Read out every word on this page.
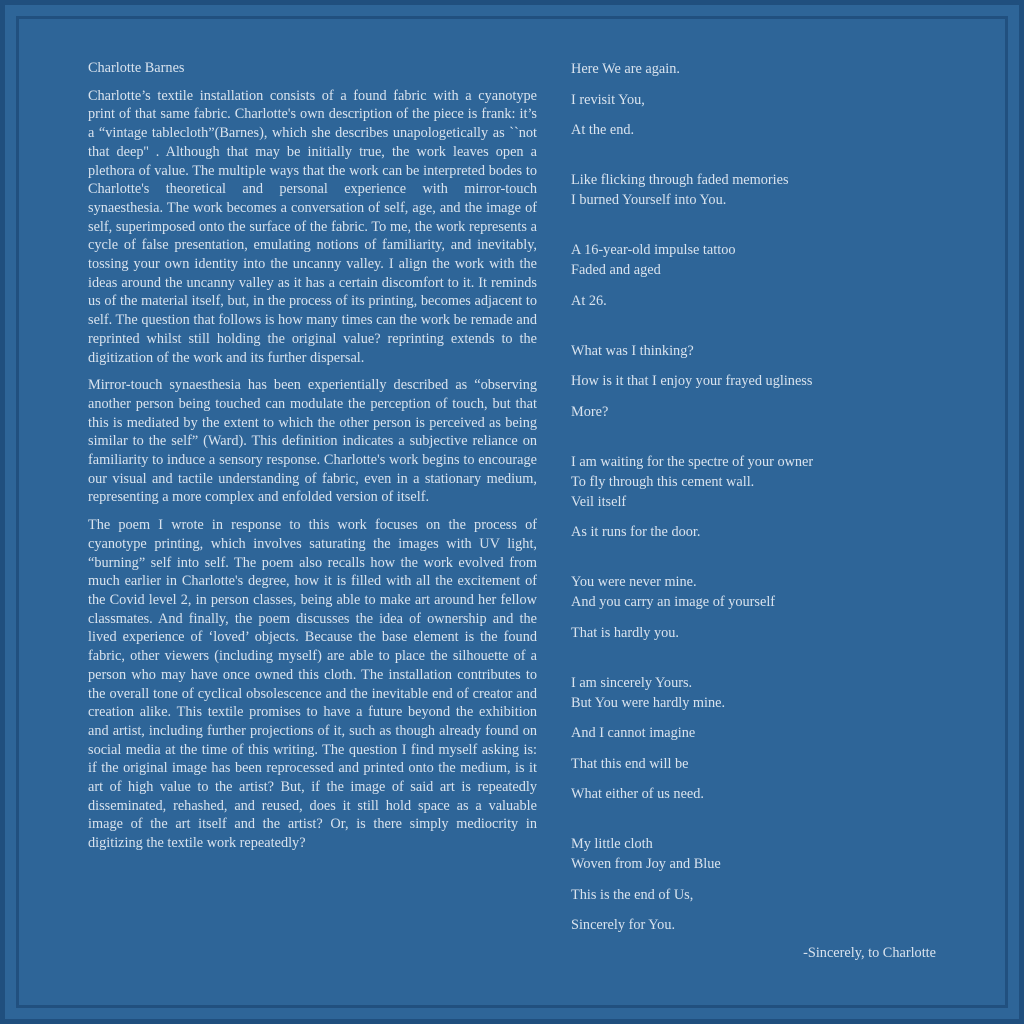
Charlotte Barnes
Charlotte’s textile installation consists of a found fabric with a cyanotype print of that same fabric. Charlotte's own description of the piece is frank: it’s a “vintage tablecloth”(Barnes), which she describes unapologetically as ``not that deep'' . Although that may be initially true, the work leaves open a plethora of value. The multiple ways that the work can be interpreted bodes to Charlotte's theoretical and personal experience with mirror-touch synaesthesia. The work becomes a conversation of self, age, and the image of self, superimposed onto the surface of the fabric. To me, the work represents a cycle of false presentation, emulating notions of familiarity, and inevitably, tossing your own identity into the uncanny valley. I align the work with the ideas around the uncanny valley as it has a certain discomfort to it. It reminds us of the material itself, but, in the process of its printing, becomes adjacent to self. The question that follows is how many times can the work be remade and reprinted whilst still holding the original value? reprinting extends to the digitization of the work and its further dispersal.
Mirror-touch synaesthesia has been experientially described as “observing another person being touched can modulate the perception of touch, but that this is mediated by the extent to which the other person is perceived as being similar to the self” (Ward). This definition indicates a subjective reliance on familiarity to induce a sensory response. Charlotte's work begins to encourage our visual and tactile understanding of fabric, even in a stationary medium, representing a more complex and enfolded version of itself.
The poem I wrote in response to this work focuses on the process of cyanotype printing, which involves saturating the images with UV light, “burning” self into self. The poem also recalls how the work evolved from much earlier in Charlotte's degree, how it is filled with all the excitement of the Covid level 2, in person classes, being able to make art around her fellow classmates. And finally, the poem discusses the idea of ownership and the lived experience of ‘loved’ objects. Because the base element is the found fabric, other viewers (including myself) are able to place the silhouette of a person who may have once owned this cloth. The installation contributes to the overall tone of cyclical obsolescence and the inevitable end of creator and creation alike. This textile promises to have a future beyond the exhibition and artist, including further projections of it, such as though already found on social media at the time of this writing. The question I find myself asking is: if the original image has been reprocessed and printed onto the medium, is it art of high value to the artist? But, if the image of said art is repeatedly disseminated, rehashed, and reused, does it still hold space as a valuable image of the art itself and the artist? Or, is there simply mediocrity in digitizing the textile work repeatedly?
Here We are again.
I revisit You,
At the end.
Like flicking through faded memories
I burned Yourself into You.
A 16-year-old impulse tattoo
Faded and aged
At 26.
What was I thinking?
How is it that I enjoy your frayed ugliness
More?
I am waiting for the spectre of your owner
To fly through this cement wall.
Veil itself
As it runs for the door.
You were never mine.
And you carry an image of yourself
That is hardly you.
I am sincerely Yours.
But You were hardly mine.
And I cannot imagine
That this end will be
What either of us need.
My little cloth
Woven from Joy and Blue
This is the end of Us,
Sincerely for You.
-Sincerely, to Charlotte
